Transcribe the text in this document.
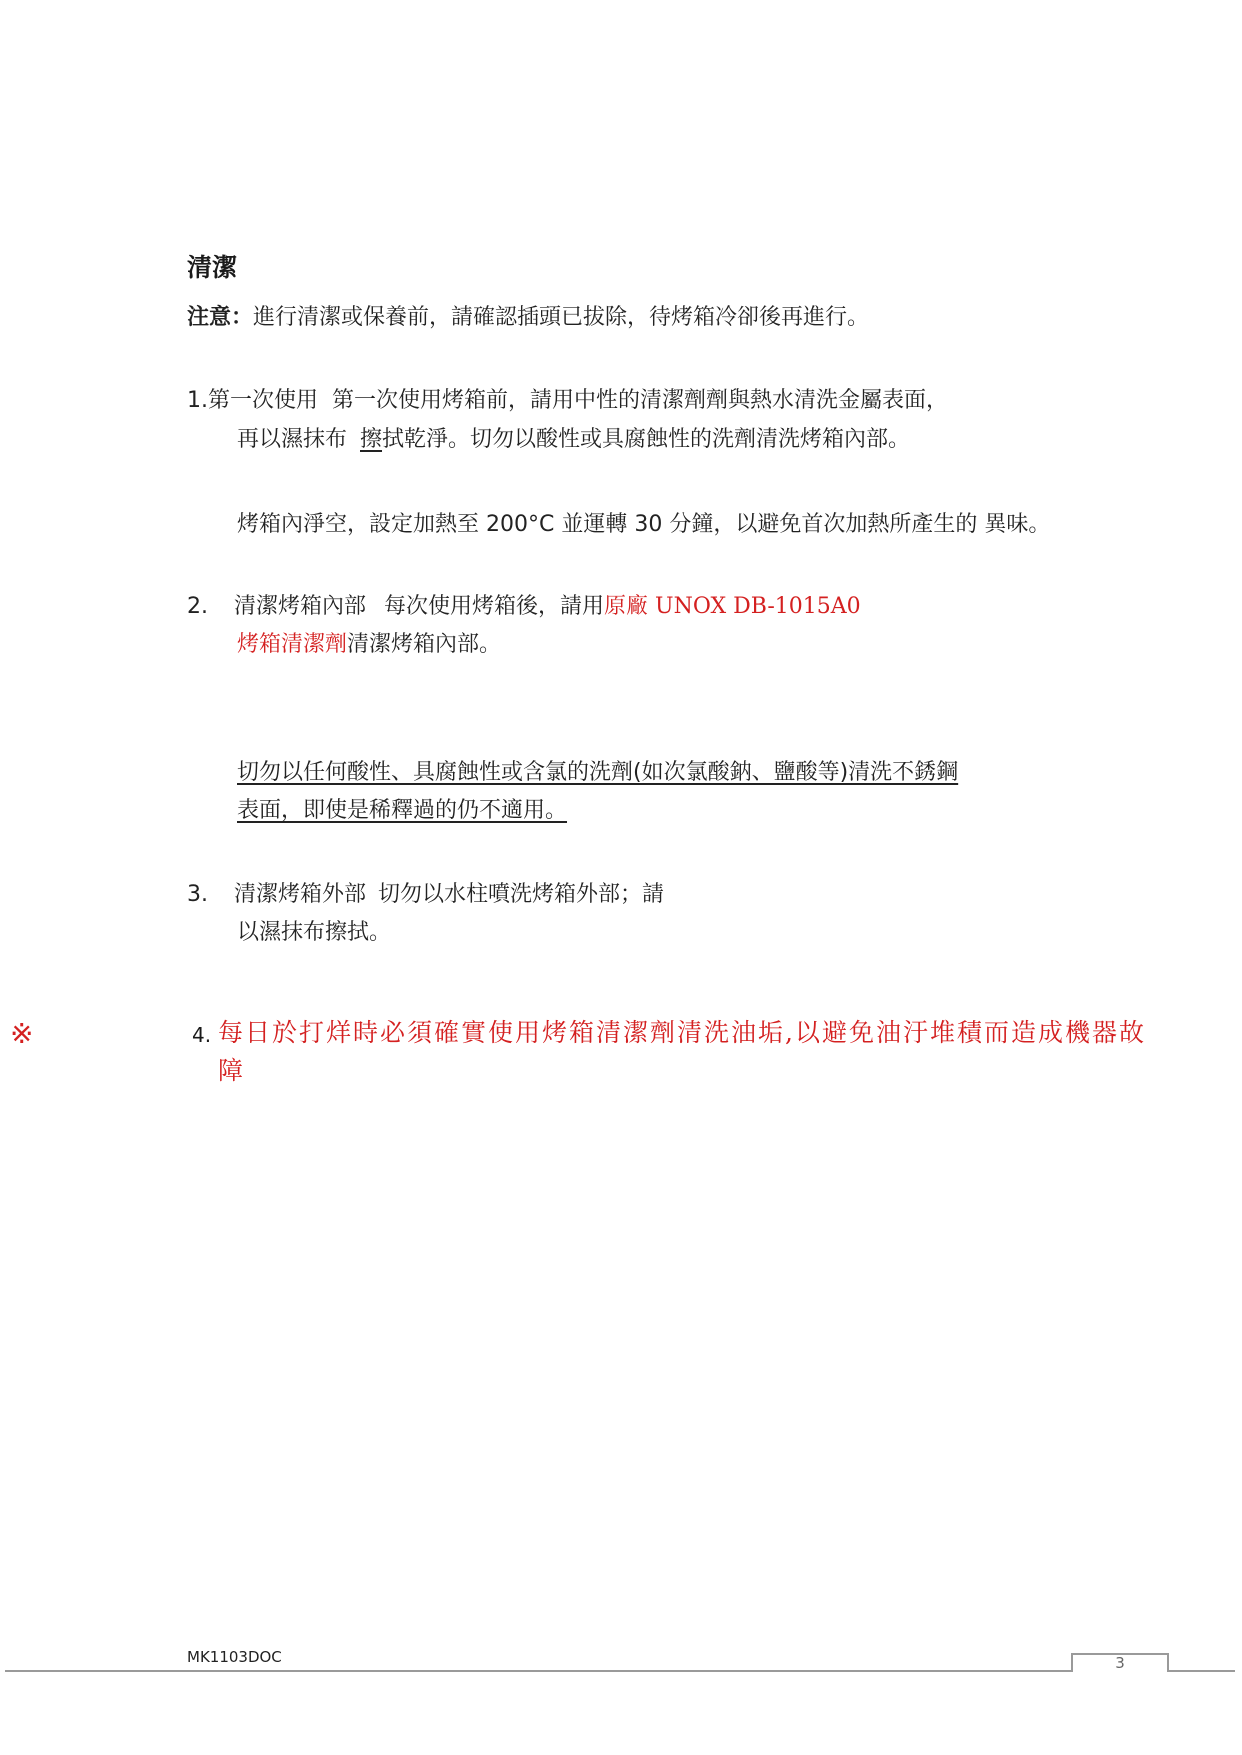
清潔
注意：進行清潔或保養前，請確認插頭已拔除，待烤箱冷卻後再進行。
1.第一次使用 第一次使用烤箱前，請用中性的清潔劑劑與熱水清洗金屬表面，
再以濕抹布 擦拭乾淨。切勿以酸性或具腐蝕性的洗劑清洗烤箱內部。
烤箱內淨空，設定加熱至 200°C 並運轉 30 分鐘，以避免首次加熱所產生的 異味。
2. 清潔烤箱內部 每次使用烤箱後，請用原廠 UNOX DB-1015A0
烤箱清潔劑清潔烤箱內部。
切勿以任何酸性、具腐蝕性或含氯的洗劑(如次氯酸鈉、鹽酸等)清洗不銹鋼
表面，即使是稀釋過的仍不適用。
3. 清潔烤箱外部 切勿以水柱噴洗烤箱外部；請
以濕抹布擦拭。
※	4. 每日於打烊時必須確實使用烤箱清潔劑清洗油垢,以避免油汙堆積而造成機器故
障
MK1103DOC	3
